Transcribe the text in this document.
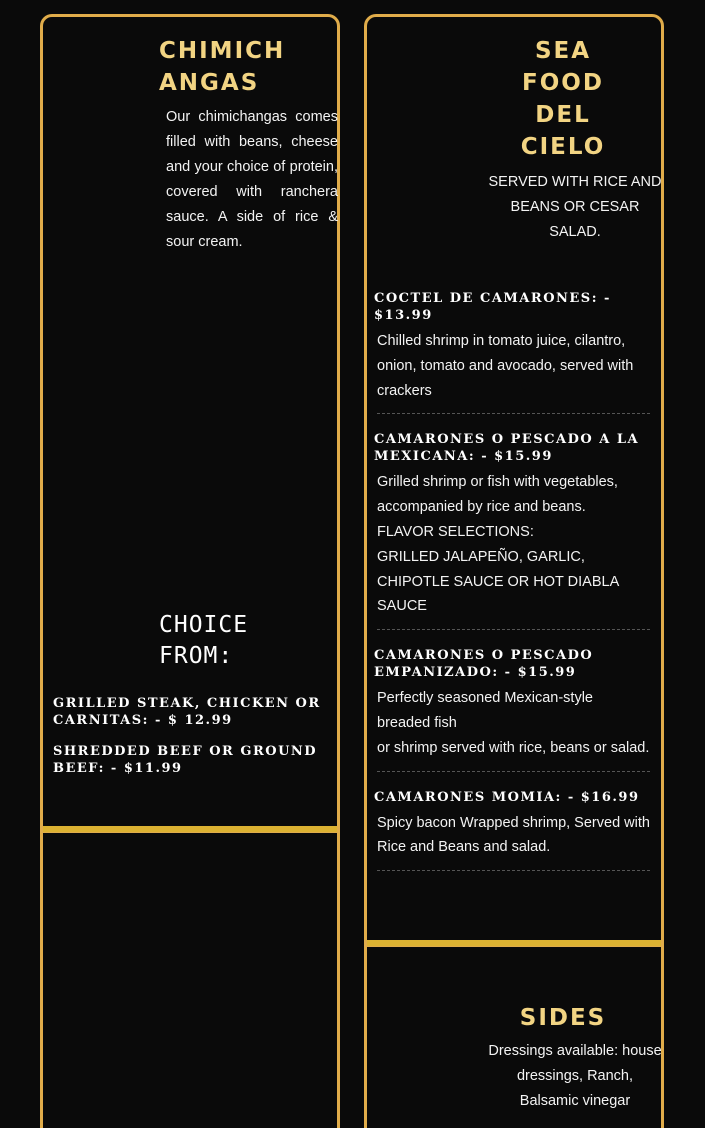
CHIMICH ANGAS
Our chimichangas comes filled with beans, cheese and your choice of protein, covered with ranchera sauce. A side of rice & sour cream.
CHOICE FROM:
GRILLED STEAK, CHICKEN OR CARNITAS: - $ 12.99
SHREDDED BEEF OR GROUND BEEF: - $11.99
SEA FOOD DEL CIELO
SERVED WITH RICE AND BEANS OR CESAR SALAD.
COCTEL DE CAMARONES: - $13.99
Chilled shrimp in tomato juice, cilantro, onion, tomato and avocado, served with crackers
CAMARONES O PESCADO A LA MEXICANA: - $15.99
Grilled shrimp or fish with vegetables, accompanied by rice and beans.
FLAVOR SELECTIONS:
GRILLED JALAPEÑO, GARLIC, CHIPOTLE SAUCE OR HOT DIABLA SAUCE
CAMARONES O PESCADO EMPANIZADO: - $15.99
Perfectly seasoned Mexican-style breaded fish
or shrimp served with rice, beans or salad.
CAMARONES MOMIA: - $16.99
Spicy bacon Wrapped shrimp, Served with Rice and Beans and salad.
SIDES
Dressings available: house dressings, Ranch, Balsamic vinegar
